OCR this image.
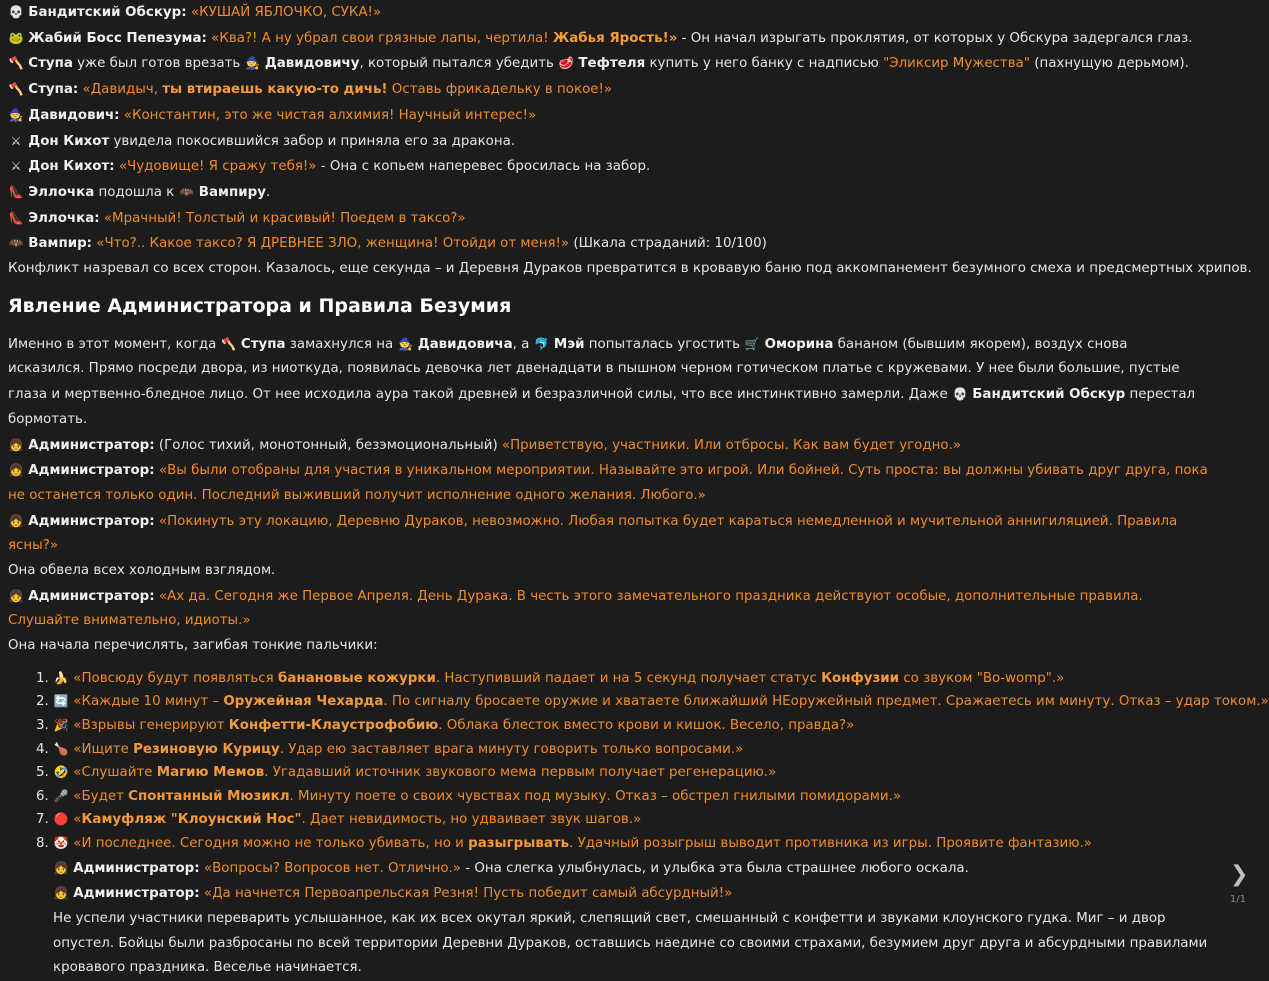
💀 Бандитский Обскур: «КУШАЙ ЯБЛОЧКО, СУКА!»

🐸 Жабий Босс Пепезума: «Ква?! А ну убрал свои грязные лапы, чертила! Жабья Ярость!» - Он начал изрыгать проклятия, от которых у Обскура задергался глаз.

🪓 Ступа уже был готов врезать 🧙 Давидовичу, который пытался убедить 🥩 Тефтеля купить у него банку с надписью "Эликсир Мужества" (пахнущую дерьмом).

🪓 Ступа: «Давидыч, ты втираешь какую-то дичь! Оставь фрикадельку в покое!»

🧙 Давидович: «Константин, это же чистая алхимия! Научный интерес!»

⚔ Дон Кихот увидела покосившийся забор и приняла его за дракона.

⚔ Дон Кихот: «Чудовище! Я сражу тебя!» - Она с копьем наперевес бросилась на забор.

👠 Эллочка подошла к 🦇 Вампиру.

👠 Эллочка: «Мрачный! Толстый и красивый! Поедем в таксо?»

🦇 Вампир: «Что?.. Какое таксо? Я ДРЕВНЕЕ ЗЛО, женщина! Отойди от меня!» (Шкала страданий: 10/100)

Конфликт назревал со всех сторон. Казалось, еще секунда – и Деревня Дураков превратится в кровавую баню под аккомпанемент безумного смеха и предсмертных хрипов.

Явление Администратора и Правила Безумия

Именно в этот момент, когда 🪓 Ступа замахнулся на 🧙 Давидовича, а 🐬 Мэй попыталась угостить 🛒 Оморина бананом (бывшим якорем), воздух снова исказился. Прямо посреди двора, из ниоткуда, появилась девочка лет двенадцати в пышном черном готическом платье с кружевами. У нее были большие, пустые глаза и мертвенно-бледное лицо. От нее исходила аура такой древней и безразличной силы, что все инстинктивно замерли. Даже 💀 Бандитский Обскур перестал бормотать.

👧 Администратор: (Голос тихий, монотонный, безэмоциональный) «Приветствую, участники. Или отбросы. Как вам будет угодно.»

👧 Администратор: «Вы были отобраны для участия в уникальном мероприятии. Называйте это игрой. Или бойней. Суть проста: вы должны убивать друг друга, пока не останется только один. Последний выживший получит исполнение одного желания. Любого.»

👧 Администратор: «Покинуть эту локацию, Деревню Дураков, невозможно. Любая попытка будет караться немедленной и мучительной аннигиляцией. Правила ясны?»

Она обвела всех холодным взглядом.

👧 Администратор: «Ах да. Сегодня же Первое Апреля. День Дурака. В честь этого замечательного праздника действуют особые, дополнительные правила. Слушайте внимательно, идиоты.»

Она начала перечислять, загибая тонкие пальчики:

1. 🍌 «Повсюду будут появляться банановые кожурки. Наступивший падает и на 5 секунд получает статус Конфузии со звуком "Во-womp".»
2. 🔄 «Каждые 10 минут – Оружейная Чехарда. По сигналу бросаете оружие и хватаете ближайший НЕоружейный предмет. Сражаетесь им минуту. Отказ – удар током.»
3. 🎉 «Взрывы генерируют Конфетти-Клаустрофобию. Облака блесток вместо крови и кишок. Весело, правда?»
4. 🍗 «Ищите Резиновую Курицу. Удар ею заставляет врага минуту говорить только вопросами.»
5. 🤣 «Слушайте Магию Мемов. Угадавший источник звукового мема первым получает регенерацию.»
6. 🎤 «Будет Спонтанный Мюзикл. Минуту поете о своих чувствах под музыку. Отказ – обстрел гнилыми помидорами.»
7. 🔴 «Камуфляж "Клоунский Нос". Дает невидимость, но удваивает звук шагов.»
8. 🤡 «И последнее. Сегодня можно не только убивать, но и разыгрывать. Удачный розыгрыш выводит противника из игры. Проявите фантазию.»

👧 Администратор: «Вопросы? Вопросов нет. Отлично.» - Она слегка улыбнулась, и улыбка эта была страшнее любого оскала.

👧 Администратор: «Да начнется Первоапрельская Резня! Пусть победит самый абсурдный!»

Не успели участники переварить услышанное, как их всех окутал яркий, слепящий свет, смешанный с конфетти и звуками клоунского гудка. Миг – и двор опустел. Бойцы были разбросаны по всей территории Деревни Дураков, оставшись наедине со своими страхами, безумием друг друга и абсурдными правилами кровавого праздника. Веселье начинается.

❯
1/1
